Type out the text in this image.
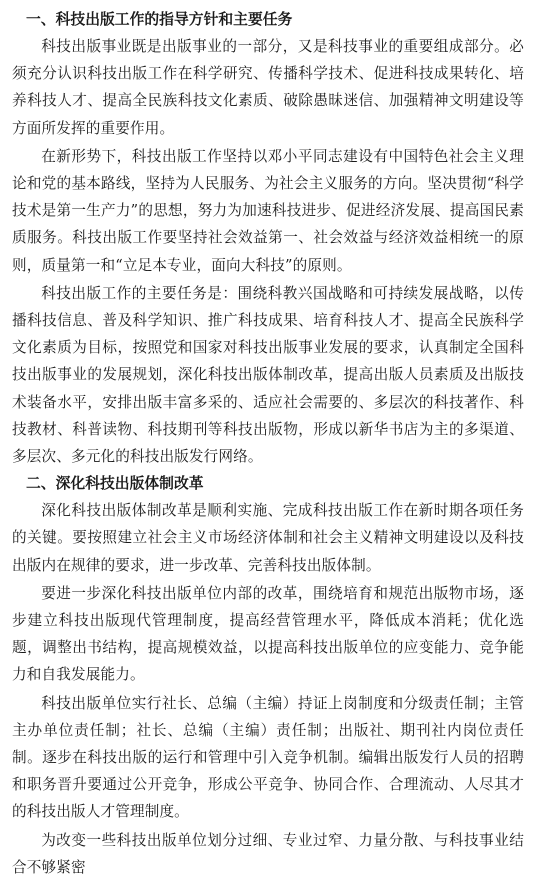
一、科技出版工作的指导方针和主要任务

科技出版事业既是出版事业的一部分，又是科技事业的重要组成部分。必须充分认识科技出版工作在科学研究、传播科学技术、促进科技成果转化、培养科技人才、提高全民族科技文化素质、破除愚昧迷信、加强精神文明建设等方面所发挥的重要作用。

在新形势下，科技出版工作坚持以邓小平同志建设有中国特色社会主义理论和党的基本路线，坚持为人民服务、为社会主义服务的方向。坚决贯彻“科学技术是第一生产力”的思想，努力为加速科技进步、促进经济发展、提高国民素质服务。科技出版工作要坚持社会效益第一、社会效益与经济效益相统一的原则，质量第一和“立足本专业，面向大科技”的原则。

科技出版工作的主要任务是：围绕科教兴国战略和可持续发展战略，以传播科技信息、普及科学知识、推广科技成果、培育科技人才、提高全民族科学文化素质为目标，按照党和国家对科技出版事业发展的要求，认真制定全国科技出版事业的发展规划，深化科技出版体制改革，提高出版人员素质及出版技术装备水平，安排出版丰富多采的、适应社会需要的、多层次的科技著作、科技教材、科普读物、科技期刊等科技出版物，形成以新华书店为主的多渠道、多层次、多元化的科技出版发行网络。

二、深化科技出版体制改革

深化科技出版体制改革是顺利实施、完成科技出版工作在新时期各项任务的关键。要按照建立社会主义市场经济体制和社会主义精神文明建设以及科技出版内在规律的要求，进一步改革、完善科技出版体制。

要进一步深化科技出版单位内部的改革，围绕培育和规范出版物市场，逐步建立科技出版现代管理制度，提高经营管理水平，降低成本消耗；优化选题，调整出书结构，提高规模效益，以提高科技出版单位的应变能力、竞争能力和自我发展能力。

科技出版单位实行社长、总编（主编）持证上岗制度和分级责任制；主管主办单位责任制；社长、总编（主编）责任制；出版社、期刊社内岗位责任制。逐步在科技出版的运行和管理中引入竞争机制。编辑出版发行人员的招聘和职务晋升要通过公开竞争，形成公平竞争、协同合作、合理流动、人尽其才的科技出版人才管理制度。

为改变一些科技出版单位划分过细、专业过窄、力量分散、与科技事业结合不够紧密
